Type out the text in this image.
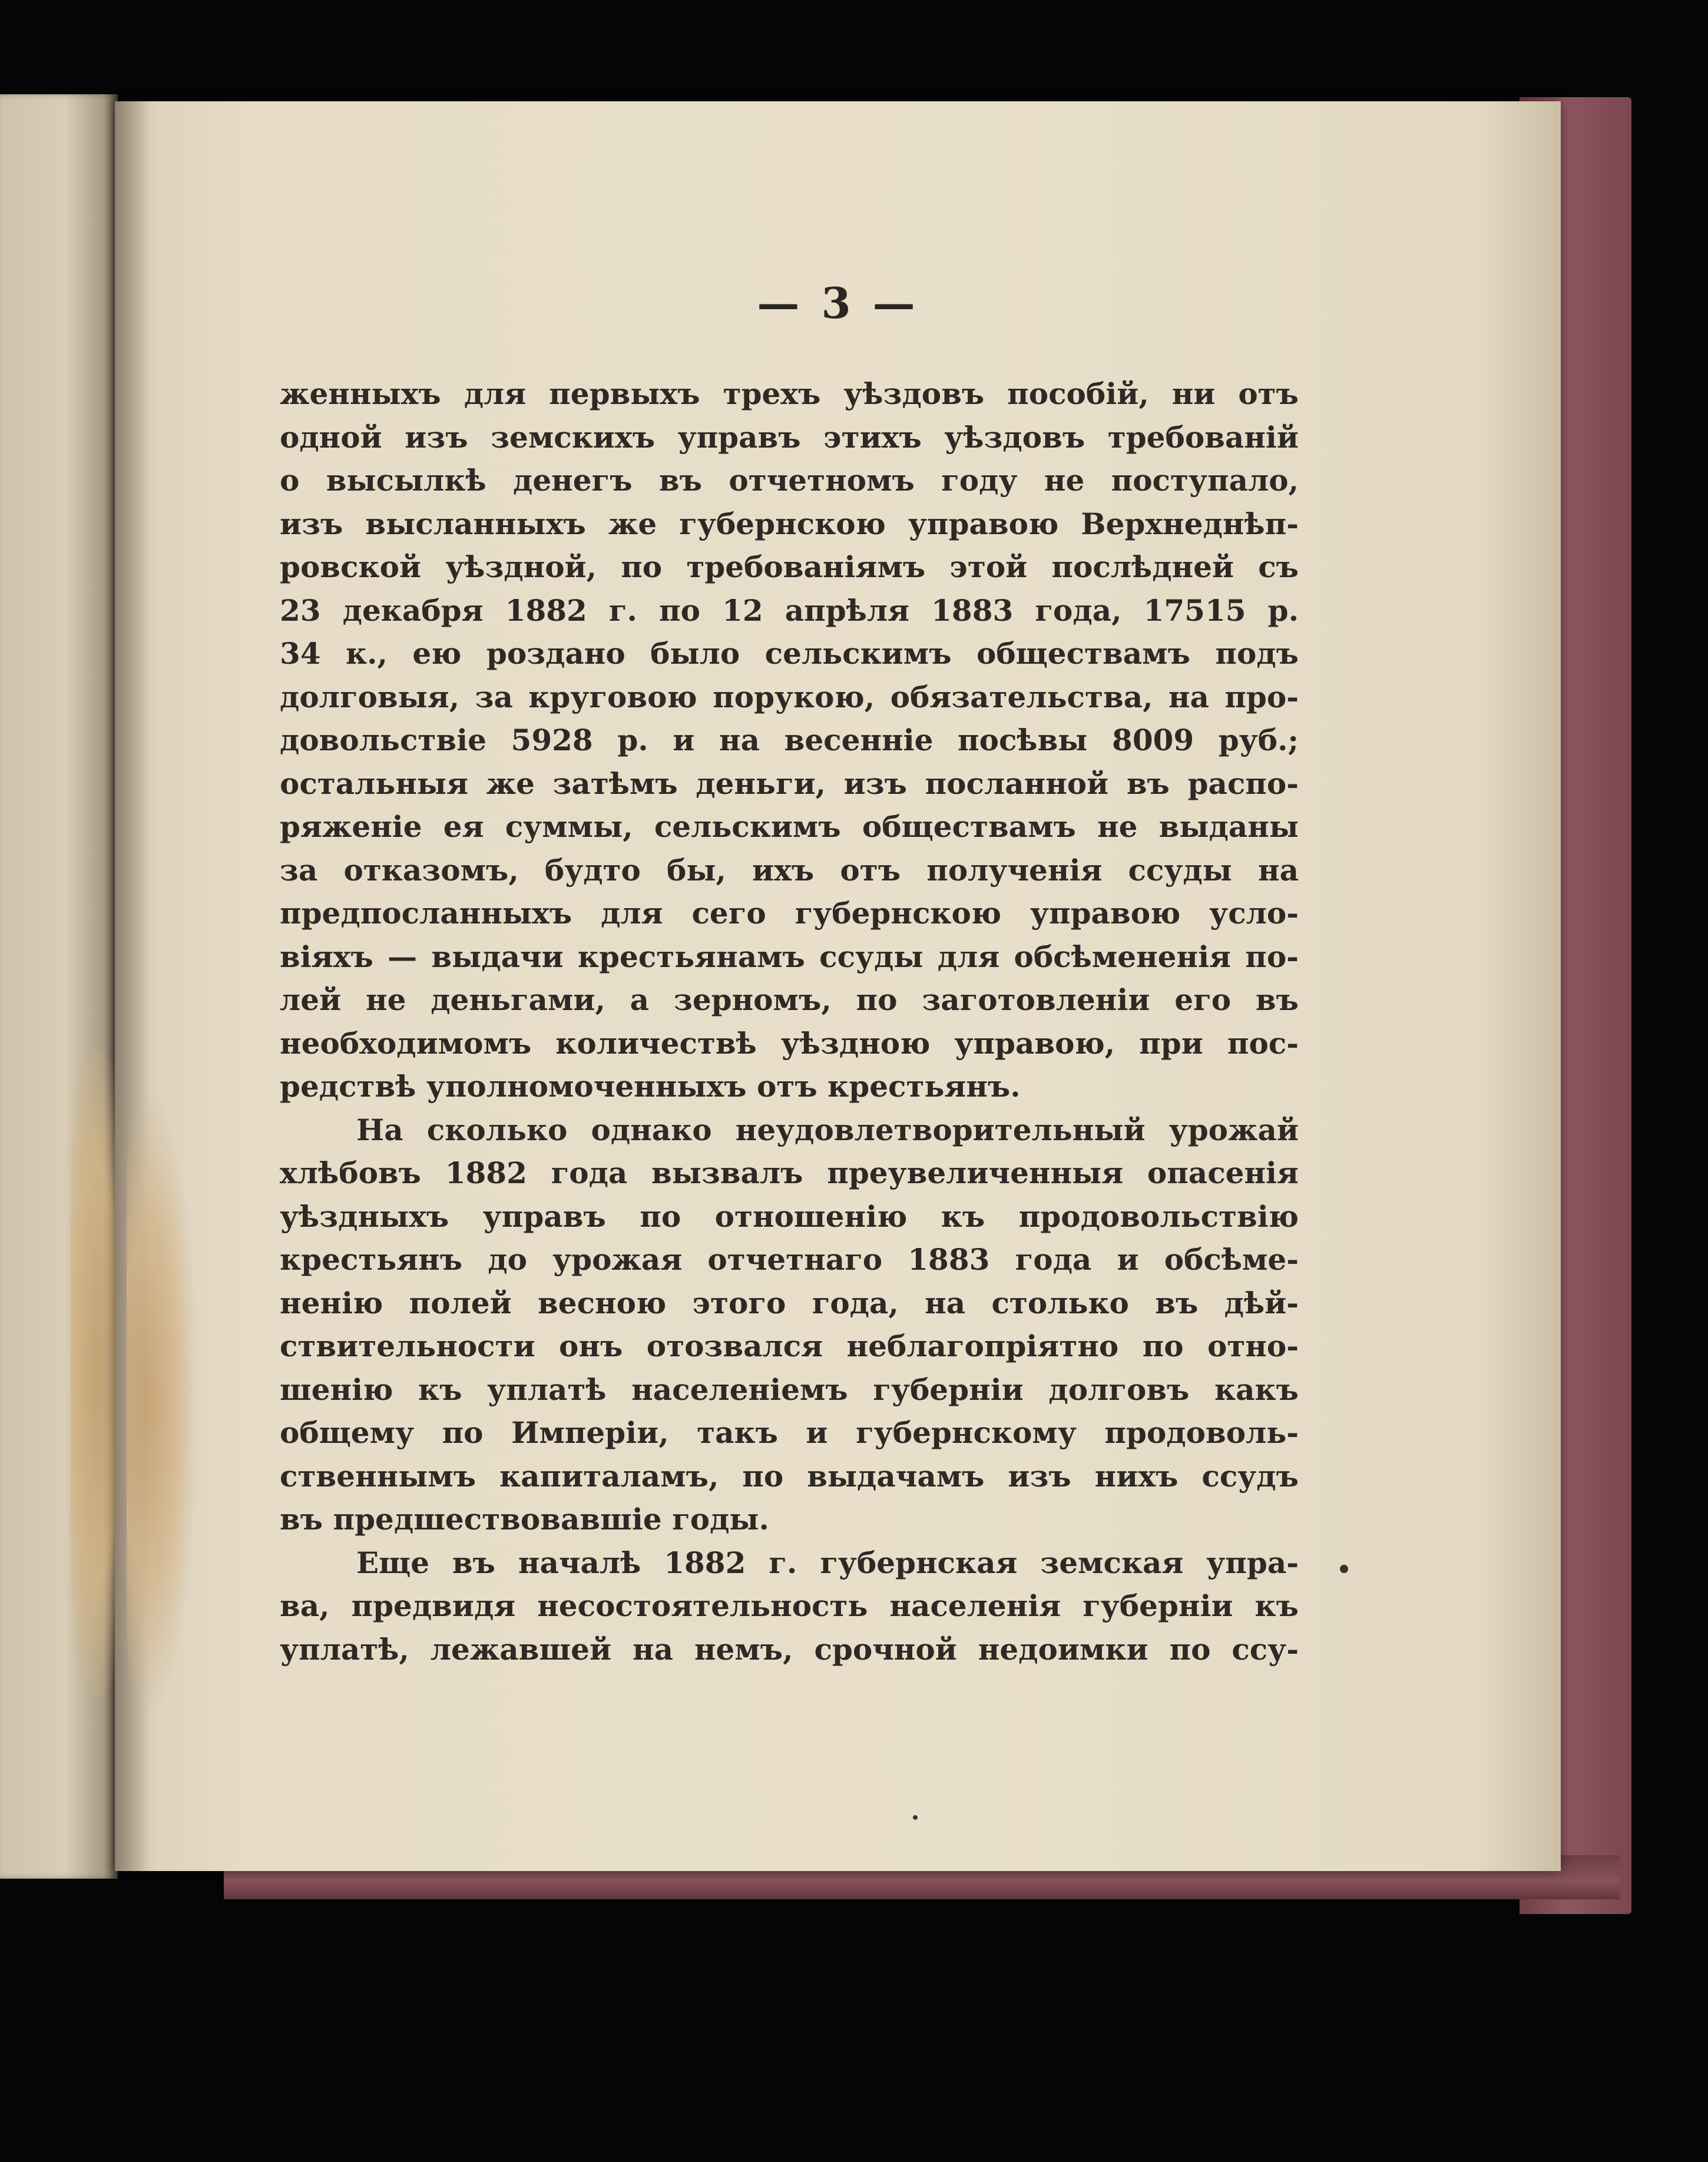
— 3 —
женныхъ для первыхъ трехъ уѣздовъ пособій, ни отъ
одной изъ земскихъ управъ этихъ уѣздовъ требованій
о высылкѣ денегъ въ отчетномъ году не поступало,
изъ высланныхъ же губернскою управою Верхнеднѣп-
ровской уѣздной, по требованіямъ этой послѣдней съ
23 декабря 1882 г. по 12 апрѣля 1883 года, 17515 р.
34 к., ею роздано было сельскимъ обществамъ подъ
долговыя, за круговою порукою, обязательства, на про-
довольствіе 5928 р. и на весенніе посѣвы 8009 руб.;
остальныя же затѣмъ деньги, изъ посланной въ распо-
ряженіе ея суммы, сельскимъ обществамъ не выданы
за отказомъ, будто бы, ихъ отъ полученія ссуды на
предпосланныхъ для сего губернскою управою усло-
віяхъ — выдачи крестьянамъ ссуды для обсѣмененія по-
лей не деньгами, а зерномъ, по заготовленіи его въ
необходимомъ количествѣ уѣздною управою, при пос-
редствѣ уполномоченныхъ отъ крестьянъ.
На сколько однако неудовлетворительный урожай
хлѣбовъ 1882 года вызвалъ преувеличенныя опасенія
уѣздныхъ управъ по отношенію къ продовольствію
крестьянъ до урожая отчетнаго 1883 года и обсѣме-
ненію полей весною этого года, на столько въ дѣй-
ствительности онъ отозвался неблагопріятно по отно-
шенію къ уплатѣ населеніемъ губерніи долговъ какъ
общему по Имперіи, такъ и губернскому продоволь-
ственнымъ капиталамъ, по выдачамъ изъ нихъ ссудъ
въ предшествовавшіе годы.
Еще въ началѣ 1882 г. губернская земская упра-
ва, предвидя несостоятельность населенія губерніи къ
уплатѣ, лежавшей на немъ, срочной недоимки по ссу-
